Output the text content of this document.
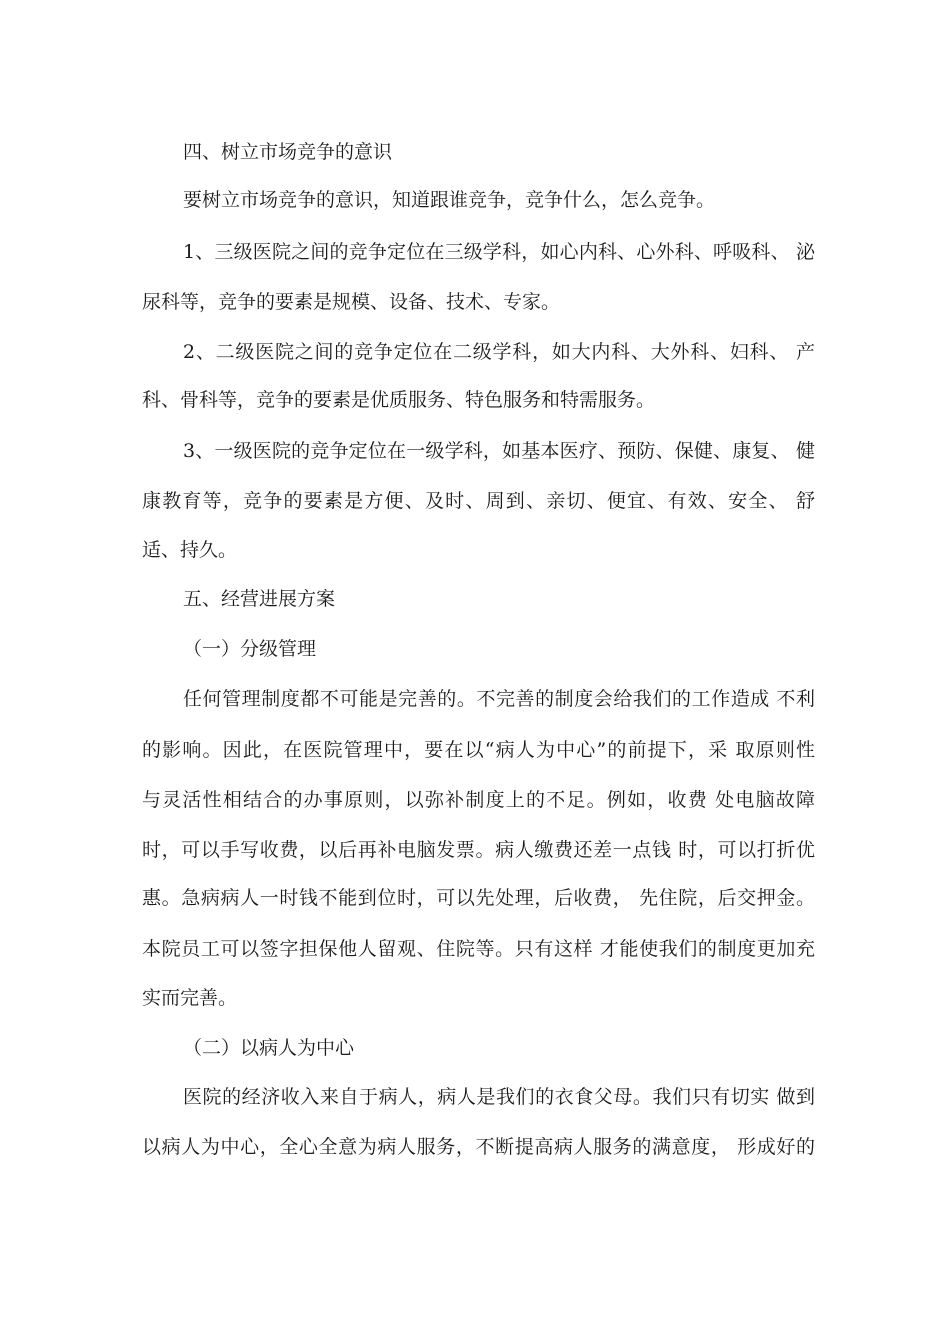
四、树立市场竞争的意识

要树立市场竞争的意识，知道跟谁竞争，竞争什么，怎么竞争。

1、三级医院之间的竞争定位在三级学科，如心内科、心外科、呼吸科、 泌

尿科等，竞争的要素是规模、设备、技术、专家。

2、二级医院之间的竞争定位在二级学科，如大内科、大外科、妇科、 产

科、骨科等，竞争的要素是优质服务、特色服务和特需服务。

3、一级医院的竞争定位在一级学科，如基本医疗、预防、保健、康复、 健

康教育等，竞争的要素是方便、及时、周到、亲切、便宜、有效、安全、 舒

适、持久。

五、经营进展方案

（一）分级管理

任何管理制度都不可能是完善的。不完善的制度会给我们的工作造成 不利

的影响。因此，在医院管理中，要在以“病人为中心”的前提下，采 取原则性

与灵活性相结合的办事原则，以弥补制度上的不足。例如，收费 处电脑故障

时，可以手写收费，以后再补电脑发票。病人缴费还差一点钱 时，可以打折优

惠。急病病人一时钱不能到位时，可以先处理，后收费， 先住院，后交押金。

本院员工可以签字担保他人留观、住院等。只有这样 才能使我们的制度更加充

实而完善。

（二）以病人为中心

医院的经济收入来自于病人，病人是我们的衣食父母。我们只有切实 做到

以病人为中心，全心全意为病人服务，不断提高病人服务的满意度， 形成好的
